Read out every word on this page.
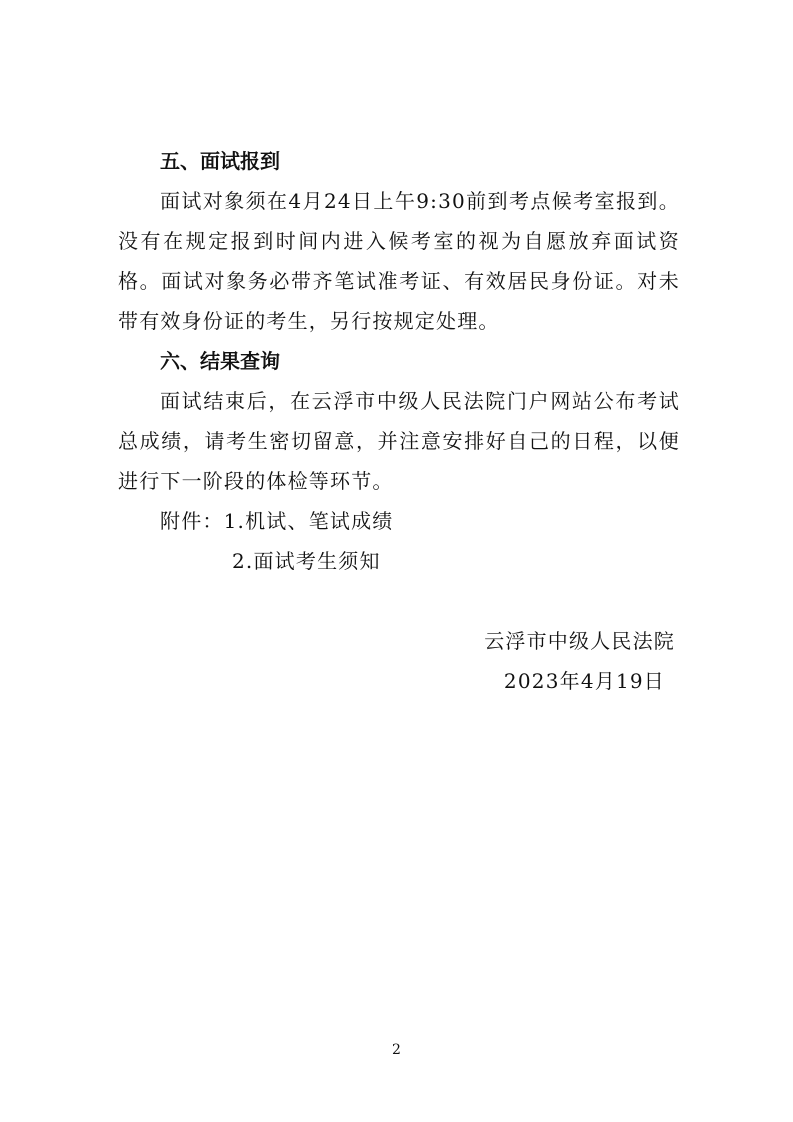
五、面试报到
面试对象须在4月24日上午9:30前到考点候考室报到。没有在规定报到时间内进入候考室的视为自愿放弃面试资格。面试对象务必带齐笔试准考证、有效居民身份证。对未带有效身份证的考生，另行按规定处理。
六、结果查询
面试结束后，在云浮市中级人民法院门户网站公布考试总成绩，请考生密切留意，并注意安排好自己的日程，以便进行下一阶段的体检等环节。
附件：1.机试、笔试成绩
2.面试考生须知
云浮市中级人民法院
2023年4月19日
2
